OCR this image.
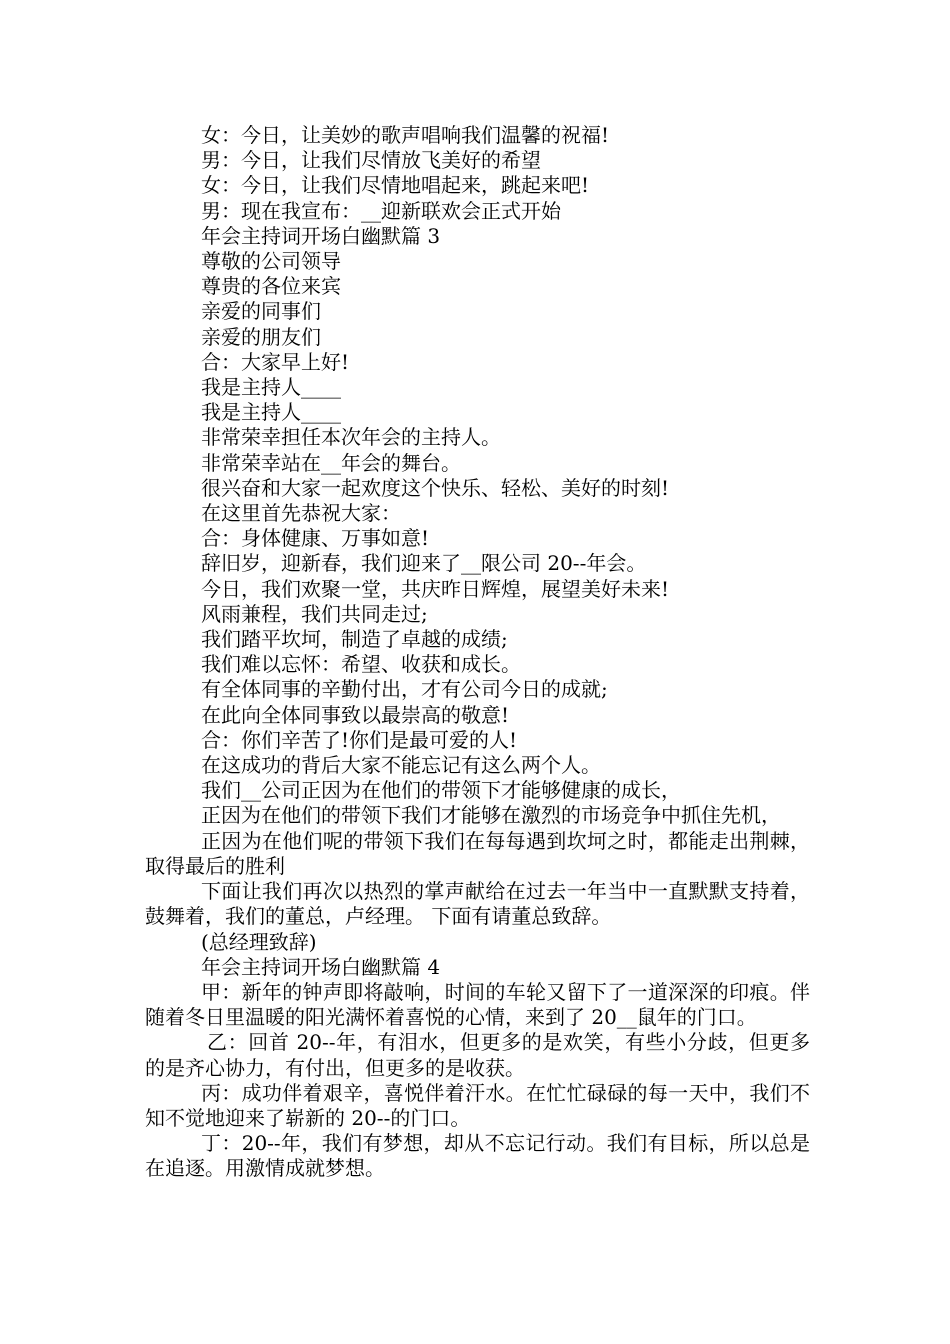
女：今日，让美妙的歌声唱响我们温馨的祝福!

男：今日，让我们尽情放飞美好的希望

女：今日，让我们尽情地唱起来，跳起来吧!

男：现在我宣布：__迎新联欢会正式开始

年会主持词开场白幽默篇 3

尊敬的公司领导

尊贵的各位来宾

亲爱的同事们

亲爱的朋友们

合：大家早上好!

我是主持人____

我是主持人____

非常荣幸担任本次年会的主持人。

非常荣幸站在__年会的舞台。

很兴奋和大家一起欢度这个快乐、轻松、美好的时刻!

在这里首先恭祝大家：

合：身体健康、万事如意!

辞旧岁，迎新春，我们迎来了__限公司 20--年会。

今日，我们欢聚一堂，共庆昨日辉煌，展望美好未来!

风雨兼程，我们共同走过;

我们踏平坎坷，制造了卓越的成绩;

我们难以忘怀：希望、收获和成长。

有全体同事的辛勤付出，才有公司今日的成就;

在此向全体同事致以最崇高的敬意!

合：你们辛苦了!你们是最可爱的人!

在这成功的背后大家不能忘记有这么两个人。

我们__公司正因为在他们的带领下才能够健康的成长，

正因为在他们的带领下我们才能够在激烈的市场竞争中抓住先机，

正因为在他们呢的带领下我们在每每遇到坎坷之时，都能走出荆棘，取得最后的胜利

下面让我们再次以热烈的掌声献给在过去一年当中一直默默支持着，鼓舞着，我们的董总，卢经理。 下面有请董总致辞。

(总经理致辞)

年会主持词开场白幽默篇 4

甲：新年的钟声即将敲响，时间的车轮又留下了一道深深的印痕。伴随着冬日里温暖的阳光满怀着喜悦的心情，来到了 20__鼠年的门口。

乙：回首 20--年，有泪水，但更多的是欢笑，有些小分歧，但更多的是齐心协力，有付出，但更多的是收获。

丙：成功伴着艰辛，喜悦伴着汗水。在忙忙碌碌的每一天中，我们不知不觉地迎来了崭新的 20--的门口。

丁：20--年，我们有梦想，却从不忘记行动。我们有目标，所以总是在追逐。用激情成就梦想。
